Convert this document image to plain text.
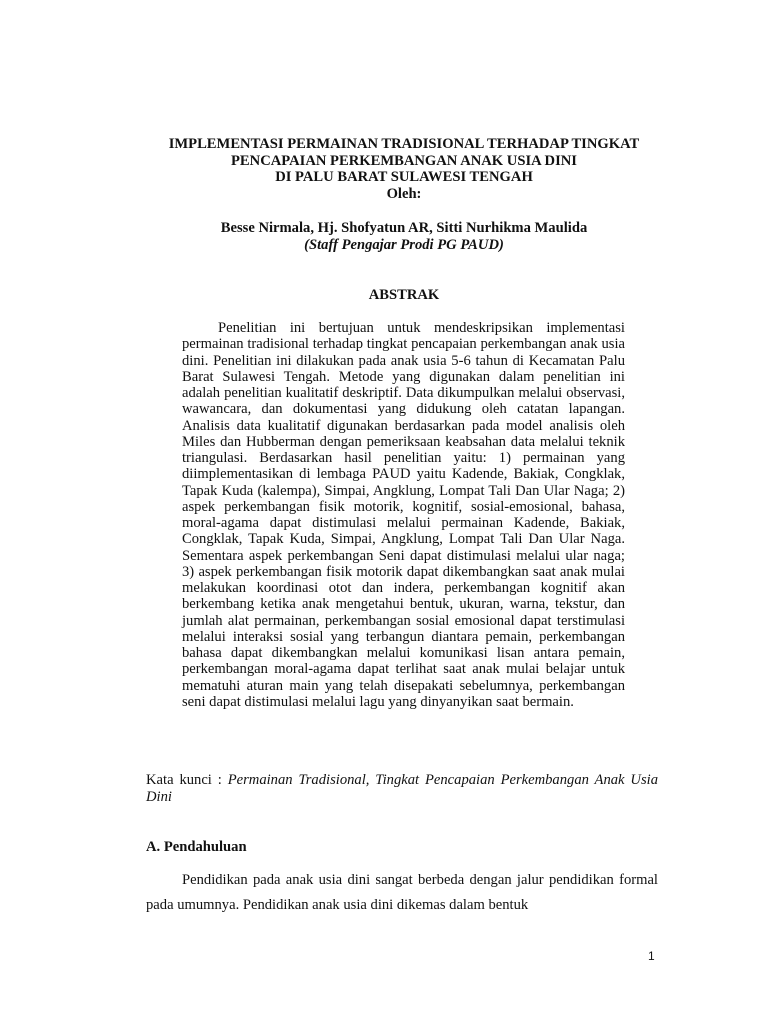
IMPLEMENTASI PERMAINAN TRADISIONAL TERHADAP TINGKAT
PENCAPAIAN PERKEMBANGAN ANAK USIA DINI
DI PALU BARAT SULAWESI TENGAH
Oleh:
Besse Nirmala, Hj. Shofyatun AR, Sitti Nurhikma Maulida
(Staff Pengajar Prodi PG PAUD)
ABSTRAK
Penelitian ini bertujuan untuk mendeskripsikan implementasi permainan tradisional terhadap tingkat pencapaian perkembangan anak usia dini. Penelitian ini dilakukan pada anak usia 5-6 tahun di Kecamatan Palu Barat Sulawesi Tengah. Metode yang digunakan dalam penelitian ini adalah penelitian kualitatif deskriptif. Data dikumpulkan melalui observasi, wawancara, dan dokumentasi yang didukung oleh catatan lapangan. Analisis data kualitatif digunakan berdasarkan pada model analisis oleh Miles dan Hubberman dengan pemeriksaan keabsahan data melalui teknik triangulasi. Berdasarkan hasil penelitian yaitu: 1) permainan yang diimplementasikan di lembaga PAUD yaitu Kadende, Bakiak, Congklak, Tapak Kuda (kalempa), Simpai, Angklung, Lompat Tali Dan Ular Naga; 2) aspek perkembangan fisik motorik, kognitif, sosial-emosional, bahasa, moral-agama dapat distimulasi melalui permainan Kadende, Bakiak, Congklak, Tapak Kuda, Simpai, Angklung, Lompat Tali Dan Ular Naga. Sementara aspek perkembangan Seni dapat distimulasi melalui ular naga; 3) aspek perkembangan fisik motorik dapat dikembangkan saat anak mulai melakukan koordinasi otot dan indera, perkembangan kognitif akan berkembang ketika anak mengetahui bentuk, ukuran, warna, tekstur, dan jumlah alat permainan, perkembangan sosial emosional dapat terstimulasi melalui interaksi sosial yang terbangun diantara pemain, perkembangan bahasa dapat dikembangkan melalui komunikasi lisan antara pemain, perkembangan moral-agama dapat terlihat saat anak mulai belajar untuk mematuhi aturan main yang telah disepakati sebelumnya, perkembangan seni dapat distimulasi melalui lagu yang dinyanyikan saat bermain.
Kata kunci : Permainan Tradisional, Tingkat Pencapaian Perkembangan Anak Usia Dini
A. Pendahuluan
Pendidikan pada anak usia dini sangat berbeda dengan jalur pendidikan formal pada umumnya. Pendidikan anak usia dini dikemas dalam bentuk
1
